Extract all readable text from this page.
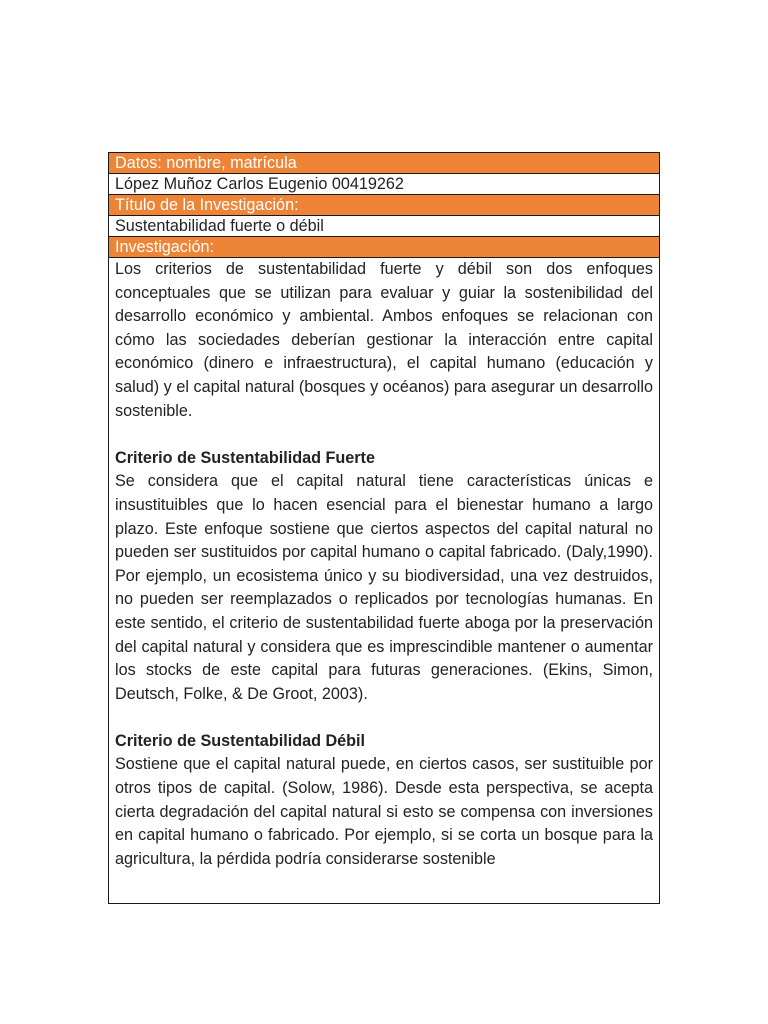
Datos: nombre, matrícula
López Muñoz Carlos Eugenio 00419262
Título de la Investigación:
Sustentabilidad fuerte o débil
Investigación:

Los criterios de sustentabilidad fuerte y débil son dos enfoques conceptuales que se utilizan para evaluar y guiar la sostenibilidad del desarrollo económico y ambiental. Ambos enfoques se relacionan con cómo las sociedades deberían gestionar la interacción entre capital económico (dinero e infraestructura), el capital humano (educación y salud) y el capital natural (bosques y océanos) para asegurar un desarrollo sostenible.

Criterio de Sustentabilidad Fuerte

Se considera que el capital natural tiene características únicas e insustituibles que lo hacen esencial para el bienestar humano a largo plazo. Este enfoque sostiene que ciertos aspectos del capital natural no pueden ser sustituidos por capital humano o capital fabricado. (Daly,1990). Por ejemplo, un ecosistema único y su biodiversidad, una vez destruidos, no pueden ser reemplazados o replicados por tecnologías humanas. En este sentido, el criterio de sustentabilidad fuerte aboga por la preservación del capital natural y considera que es imprescindible mantener o aumentar los stocks de este capital para futuras generaciones. (Ekins, Simon, Deutsch, Folke, & De Groot, 2003).

Criterio de Sustentabilidad Débil

Sostiene que el capital natural puede, en ciertos casos, ser sustituible por otros tipos de capital. (Solow, 1986). Desde esta perspectiva, se acepta cierta degradación del capital natural si esto se compensa con inversiones en capital humano o fabricado. Por ejemplo, si se corta un bosque para la agricultura, la pérdida podría considerarse sostenible
